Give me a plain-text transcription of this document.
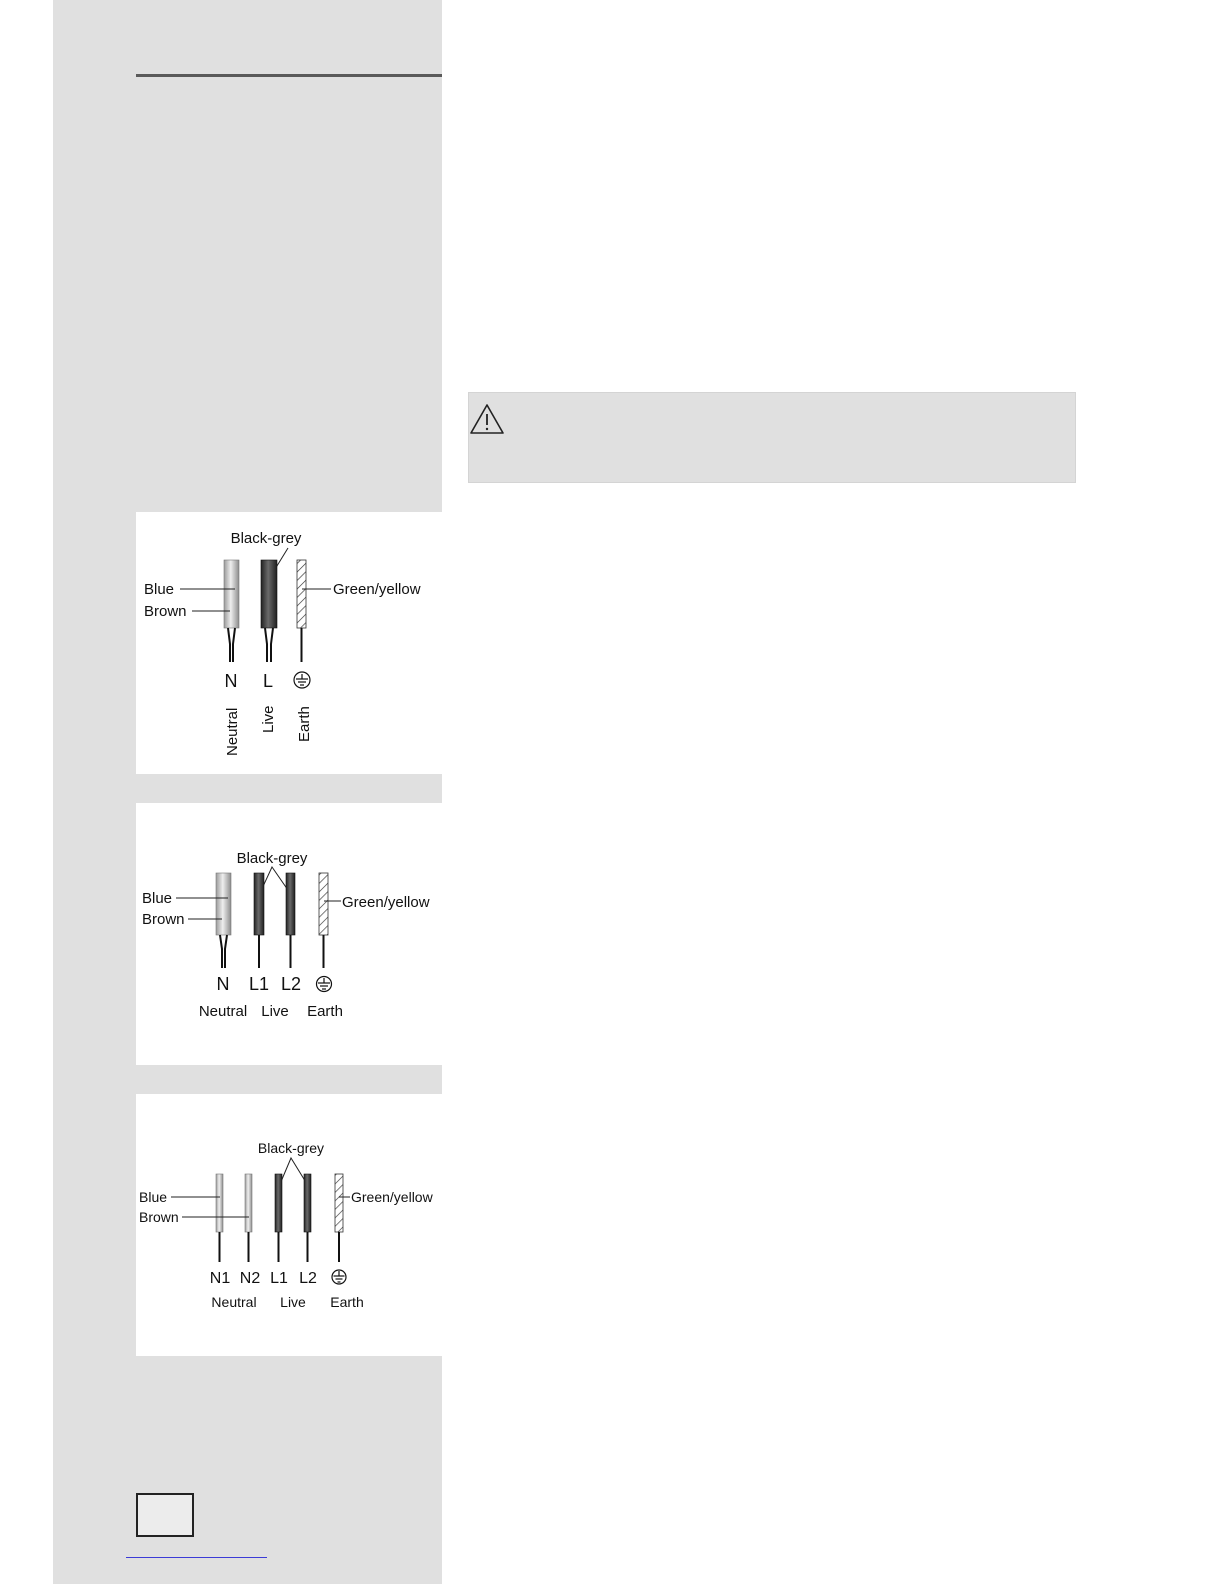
Black-grey
Blue
Brown
Green/yellow
N L
Neutral Live Earth
Black-grey
Blue
Brown
Green/yellow
N L1 L2
Neutral Live Earth
Black-grey
Blue
Brown
Green/yellow
N1 N2 L1 L2
Neutral Live Earth
